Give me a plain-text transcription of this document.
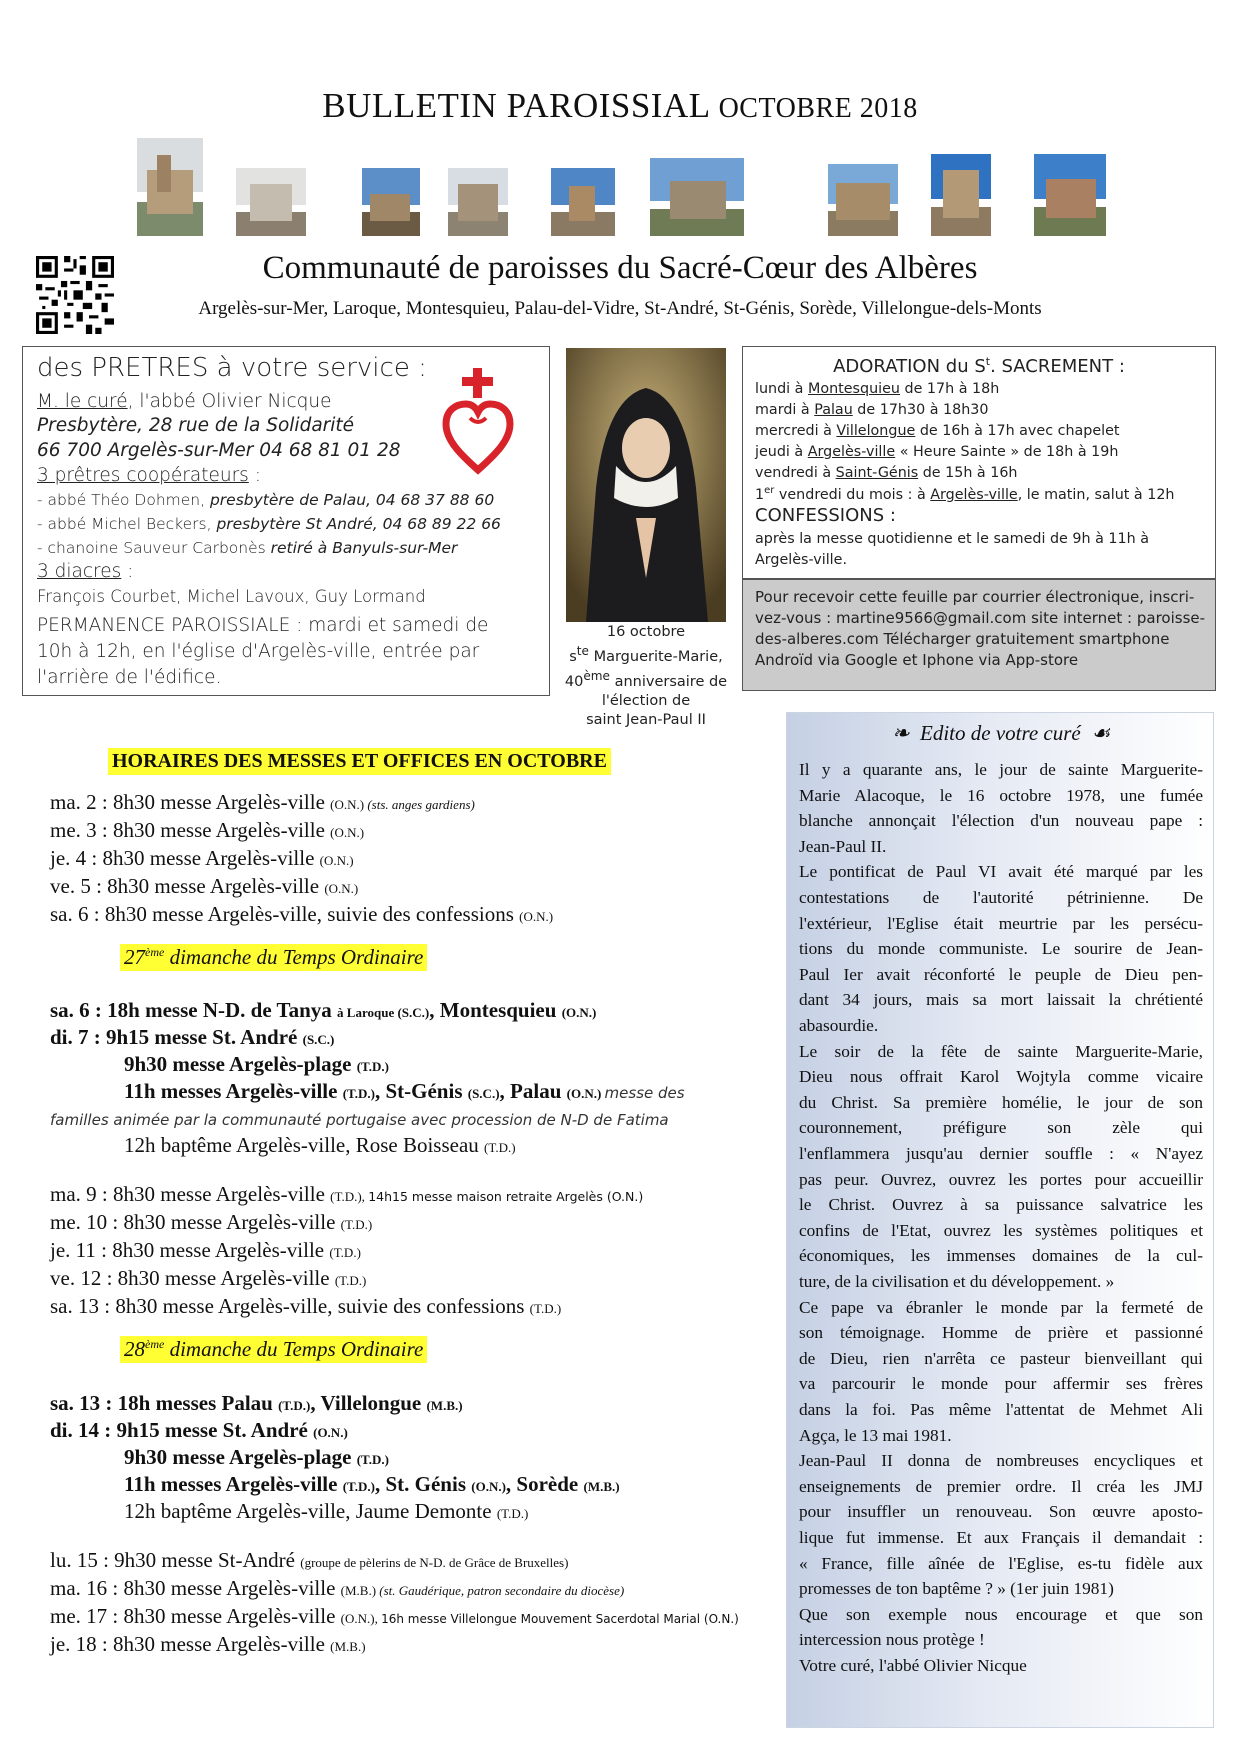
BULLETIN PAROISSIAL OCTOBRE 2018
Communauté de paroisses du Sacré-Cœur des Albères
Argelès-sur-Mer, Laroque, Montesquieu, Palau-del-Vidre, St-André, St-Génis, Sorède, Villelongue-dels-Monts
des PRETRES à votre service :
M. le curé, l'abbé Olivier Nicque
Presbytère, 28 rue de la Solidarité
66 700 Argelès-sur-Mer 04 68 81 01 28
3 prêtres coopérateurs :
- abbé Théo Dohmen, presbytère de Palau, 04 68 37 88 60
- abbé Michel Beckers, presbytère St André, 04 68 89 22 66
- chanoine Sauveur Carbonès retiré à Banyuls-sur-Mer
3 diacres :
François Courbet, Michel Lavoux, Guy Lormand
PERMANENCE PAROISSIALE : mardi et samedi de
10h à 12h, en l'église d'Argelès-ville, entrée par
l'arrière de l'édifice.
16 octobre
$s^{te}$ Marguerite-Marie,
40ème anniversaire de
l'élection de
saint Jean-Paul II
ADORATION du $S^t$. SACREMENT :
lundi à Montesquieu de 17h à 18h
mardi à Palau de 17h30 à 18h30
mercredi à Villelongue de 16h à 17h avec chapelet
jeudi à Argelès-ville « Heure Sainte » de 18h à 19h
vendredi à Saint-Génis de 15h à 16h
1er vendredi du mois : à Argelès-ville, le matin, salut à 12h
CONFESSIONS :
après la messe quotidienne et le samedi de 9h à 11h à
Argelès-ville.
Pour recevoir cette feuille par courrier électronique, inscri-
vez-vous : martine9566@gmail.com site internet : paroisse-
des-alberes.com Télécharger gratuitement smartphone
Androïd via Google et Iphone via App-store
❧ Edito de votre curé ☙
Il y a quarante ans, le jour de sainte Marguerite-
Marie Alacoque, le 16 octobre 1978, une fumée
blanche annonçait l'élection d'un nouveau pape :
Jean-Paul II.
Le pontificat de Paul VI avait été marqué par les
contestations de l'autorité pétrinienne. De
l'extérieur, l'Eglise était meurtrie par les persécu-
tions du monde communiste. Le sourire de Jean-
Paul Ier avait réconforté le peuple de Dieu pen-
dant 34 jours, mais sa mort laissait la chrétienté
abasourdie.
Le soir de la fête de sainte Marguerite-Marie,
Dieu nous offrait Karol Wojtyla comme vicaire
du Christ. Sa première homélie, le jour de son
couronnement, préfigure son zèle qui
l'enflammera jusqu'au dernier souffle : « N'ayez
pas peur. Ouvrez, ouvrez les portes pour accueillir
le Christ. Ouvrez à sa puissance salvatrice les
confins de l'Etat, ouvrez les systèmes politiques et
économiques, les immenses domaines de la cul-
ture, de la civilisation et du développement. »
Ce pape va ébranler le monde par la fermeté de
son témoignage. Homme de prière et passionné
de Dieu, rien n'arrêta ce pasteur bienveillant qui
va parcourir le monde pour affermir ses frères
dans la foi. Pas même l'attentat de Mehmet Ali
Agça, le 13 mai 1981.
Jean-Paul II donna de nombreuses encycliques et
enseignements de premier ordre. Il créa les JMJ
pour insuffler un renouveau. Son œuvre aposto-
lique fut immense. Et aux Français il demandait :
« France, fille aînée de l'Eglise, es-tu fidèle aux
promesses de ton baptême ? » (1er juin 1981)
Que son exemple nous encourage et que son
intercession nous protège !
Votre curé, l'abbé Olivier Nicque
HORAIRES DES MESSES ET OFFICES EN OCTOBRE
ma. 2 : 8h30 messe Argelès-ville (O.N.) (sts. anges gardiens)
me. 3 : 8h30 messe Argelès-ville (O.N.)
je. 4 : 8h30 messe Argelès-ville (O.N.)
ve. 5 : 8h30 messe Argelès-ville (O.N.)
sa. 6 : 8h30 messe Argelès-ville, suivie des confessions (O.N.)
27ème dimanche du Temps Ordinaire
sa. 6 : 18h messe N-D. de Tanya à Laroque (S.C.), Montesquieu (O.N.)
di. 7 : 9h15 messe St. André (S.C.)
9h30 messe Argelès-plage (T.D.)
11h messes Argelès-ville (T.D.), St-Génis (S.C.), Palau (O.N.) messe des
familles animée par la communauté portugaise avec procession de N-D de Fatima
12h baptême Argelès-ville, Rose Boisseau (T.D.)
ma. 9 : 8h30 messe Argelès-ville (T.D.), 14h15 messe maison retraite Argelès (O.N.)
me. 10 : 8h30 messe Argelès-ville (T.D.)
je. 11 : 8h30 messe Argelès-ville (T.D.)
ve. 12 : 8h30 messe Argelès-ville (T.D.)
sa. 13 : 8h30 messe Argelès-ville, suivie des confessions (T.D.)
28ème dimanche du Temps Ordinaire
sa. 13 : 18h messes Palau (T.D.), Villelongue (M.B.)
di. 14 : 9h15 messe St. André (O.N.)
9h30 messe Argelès-plage (T.D.)
11h messes Argelès-ville (T.D.), St. Génis (O.N.), Sorède (M.B.)
12h baptême Argelès-ville, Jaume Demonte (T.D.)
lu. 15 : 9h30 messe St-André (groupe de pèlerins de N-D. de Grâce de Bruxelles)
ma. 16 : 8h30 messe Argelès-ville (M.B.) (st. Gaudérique, patron secondaire du diocèse)
me. 17 : 8h30 messe Argelès-ville (O.N.), 16h messe Villelongue Mouvement Sacerdotal Marial (O.N.)
je. 18 : 8h30 messe Argelès-ville (M.B.)
